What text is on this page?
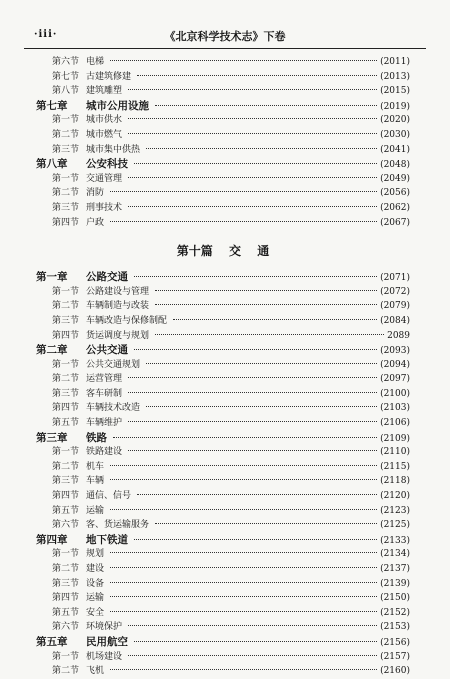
·iii·	《北京科学技术志》下卷
第六节 电梯	(2011)
第七节 古建筑修建	(2013)
第八节 建筑雕塑	(2015)
第七章	城市公用设施	(2019)
第一节 城市供水	(2020)
第二节 城市燃气	(2030)
第三节 城市集中供热	(2041)
第八章	公安科技	(2048)
第一节 交通管理	(2049)
第二节 消防	(2056)
第三节 刑事技术	(2062)
第四节 户政	(2067)
第十篇 交 通
第一章	公路交通	(2071)
第一节 公路建设与管理	(2072)
第二节 车辆制造与改装	(2079)
第三节 车辆改造与保修制配	(2084)
第四节 货运调度与规划	2089
第二章	公共交通	(2093)
第一节 公共交通规划	(2094)
第二节 运营管理	(2097)
第三节 客车研制	(2100)
第四节 车辆技术改造	(2103)
第五节 车辆维护	(2106)
第三章	铁路	(2109)
第一节 铁路建设	(2110)
第二节 机车	(2115)
第三节 车辆	(2118)
第四节 通信、信号	(2120)
第五节 运输	(2123)
第六节 客、货运输服务	(2125)
第四章	地下铁道	(2133)
第一节 规划	(2134)
第二节 建设	(2137)
第三节 设备	(2139)
第四节 运输	(2150)
第五节 安全	(2152)
第六节 环境保护	(2153)
第五章	民用航空	(2156)
第一节 机场建设	(2157)
第二节 飞机	(2160)
